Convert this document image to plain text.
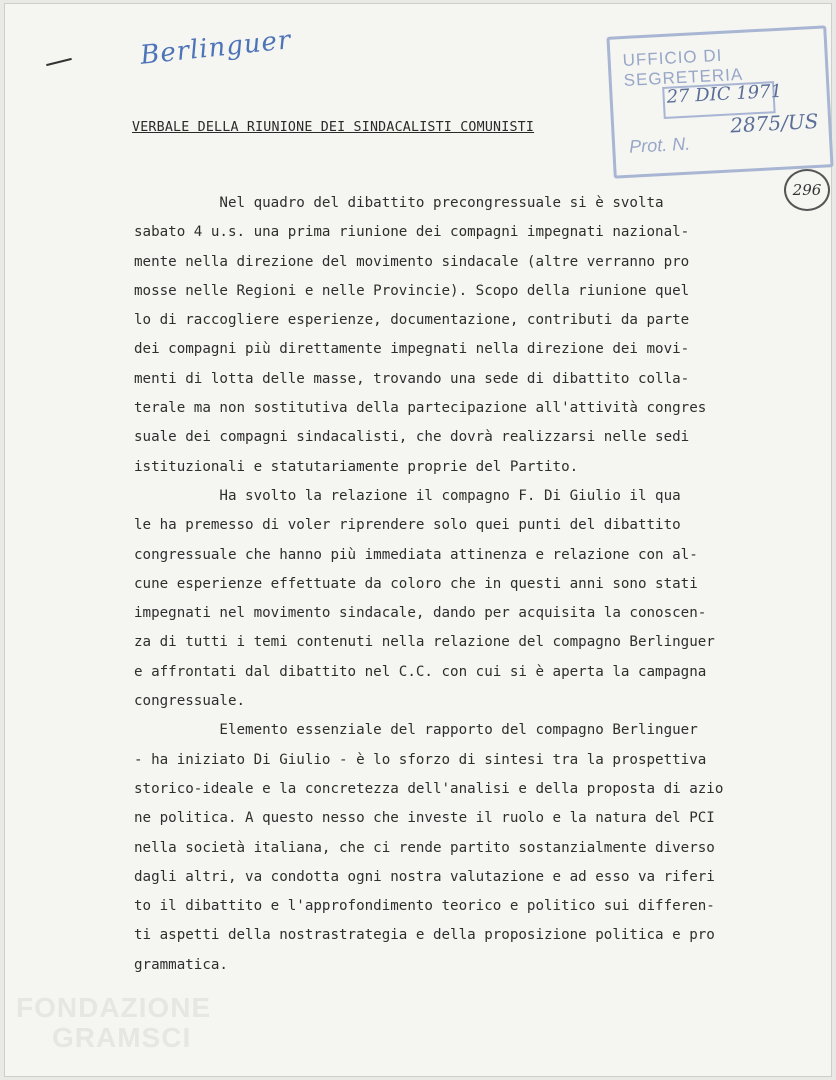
Berlinguer	UFFICIO DI SEGRETERIA
27 DIC 1971
2875/US
Prot. N.
296
VERBALE DELLA RIUNIONE DEI SINDACALISTI COMUNISTI
Nel quadro del dibattito precongressuale si è svolta
sabato 4 u.s. una prima riunione dei compagni impegnati nazional-
mente nella direzione del movimento sindacale (altre verranno pro
mosse nelle Regioni e nelle Provincie). Scopo della riunione quel
lo di raccogliere esperienze, documentazione, contributi da parte
dei compagni più direttamente impegnati nella direzione dei movi-
menti di lotta delle masse, trovando una sede di dibattito colla-
terale ma non sostitutiva della partecipazione all'attività congres
suale dei compagni sindacalisti, che dovrà realizzarsi nelle sedi
istituzionali e statutariamente proprie del Partito.
Ha svolto la relazione il compagno F. Di Giulio il qua
le ha premesso di voler riprendere solo quei punti del dibattito
congressuale che hanno più immediata attinenza e relazione con al-
cune esperienze effettuate da coloro che in questi anni sono stati
impegnati nel movimento sindacale, dando per acquisita la conoscen-
za di tutti i temi contenuti nella relazione del compagno Berlinguer
e affrontati dal dibattito nel C.C. con cui si è aperta la campagna
congressuale.
Elemento essenziale del rapporto del compagno Berlinguer
- ha iniziato Di Giulio - è lo sforzo di sintesi tra la prospettiva
storico-ideale e la concretezza dell'analisi e della proposta di azio
ne politica. A questo nesso che investe il ruolo e la natura del PCI
nella società italiana, che ci rende partito sostanzialmente diverso
dagli altri, va condotta ogni nostra valutazione e ad esso va riferi
to il dibattito e l'approfondimento teorico e politico sui differen-
ti aspetti della nostrastrategia e della proposizione politica e pro
grammatica.
FONDAZIONE
GRAMSCI
